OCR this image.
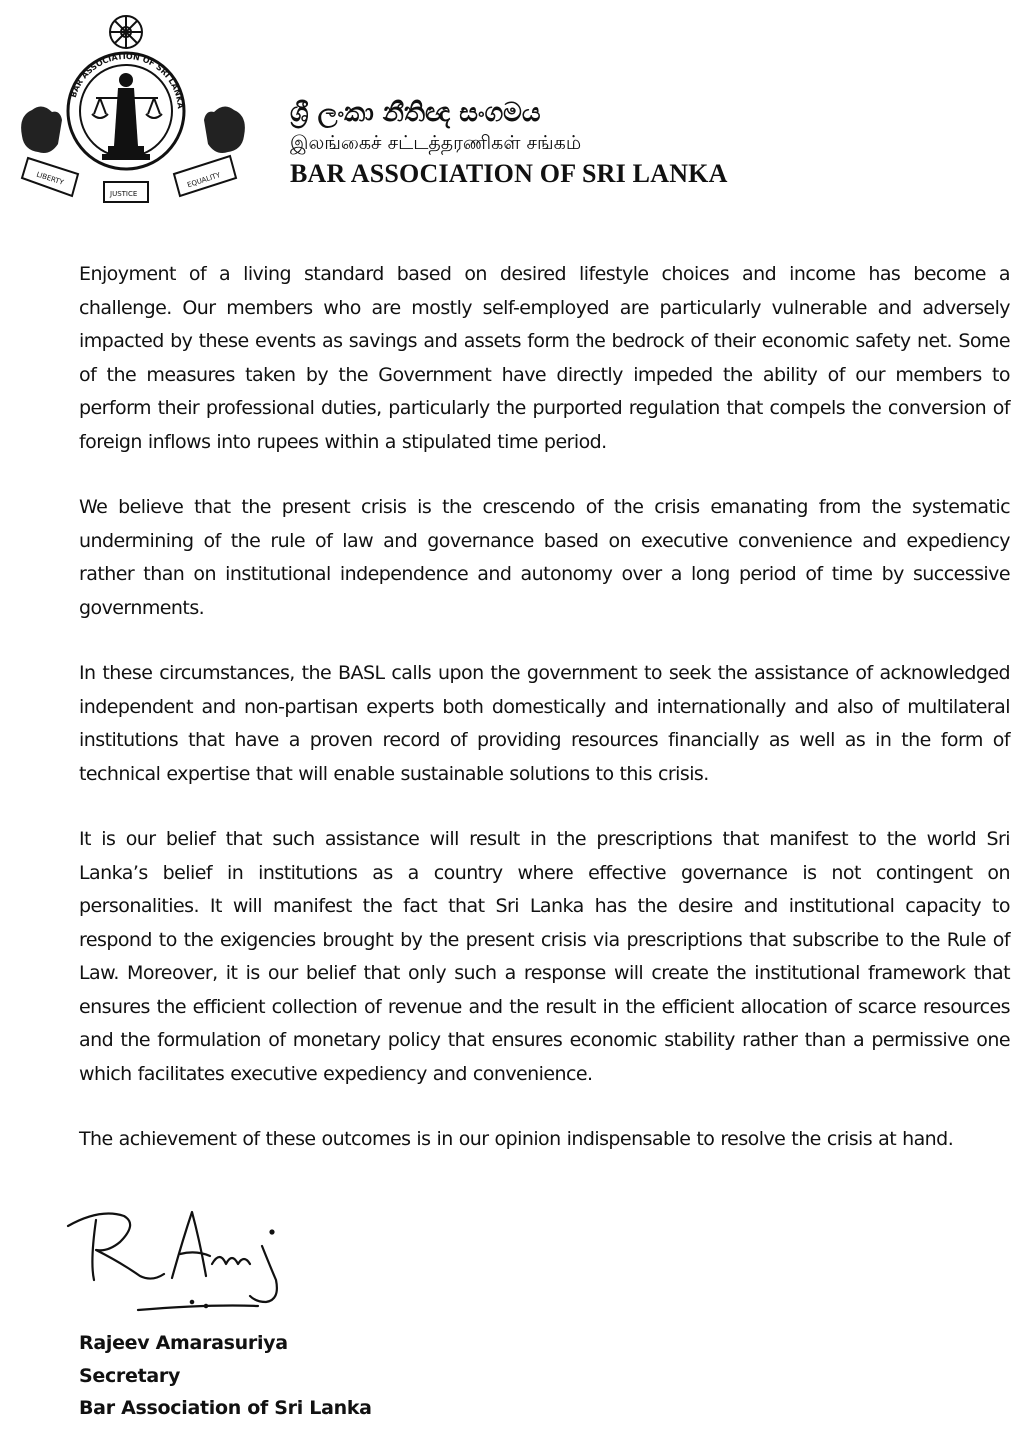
BAR ASSOCIATION OF SRI LANKA
LIBERTY
JUSTICE
EQUALITY

ශ්‍රී ලංකා නීතිඥ සංගමය

இலங்கைச் சட்டத்தரணிகள் சங்கம்

BAR ASSOCIATION OF SRI LANKA

Enjoyment of a living standard based on desired lifestyle choices and income has become a challenge. Our members who are mostly self-employed are particularly vulnerable and adversely impacted by these events as savings and assets form the bedrock of their economic safety net. Some of the measures taken by the Government have directly impeded the ability of our members to perform their professional duties, particularly the purported regulation that compels the conversion of foreign inflows into rupees within a stipulated time period.

We believe that the present crisis is the crescendo of the crisis emanating from the systematic undermining of the rule of law and governance based on executive convenience and expediency rather than on institutional independence and autonomy over a long period of time by successive governments.

In these circumstances, the BASL calls upon the government to seek the assistance of acknowledged independent and non-partisan experts both domestically and internationally and also of multilateral institutions that have a proven record of providing resources financially as well as in the form of technical expertise that will enable sustainable solutions to this crisis.

It is our belief that such assistance will result in the prescriptions that manifest to the world Sri Lanka’s belief in institutions as a country where effective governance is not contingent on personalities. It will manifest the fact that Sri Lanka has the desire and institutional capacity to respond to the exigencies brought by the present crisis via prescriptions that subscribe to the Rule of Law. Moreover, it is our belief that only such a response will create the institutional framework that ensures the efficient collection of revenue and the result in the efficient allocation of scarce resources and the formulation of monetary policy that ensures economic stability rather than a permissive one which facilitates executive expediency and convenience.

The achievement of these outcomes is in our opinion indispensable to resolve the crisis at hand.

Rajeev Amarasuriya

Secretary

Bar Association of Sri Lanka
